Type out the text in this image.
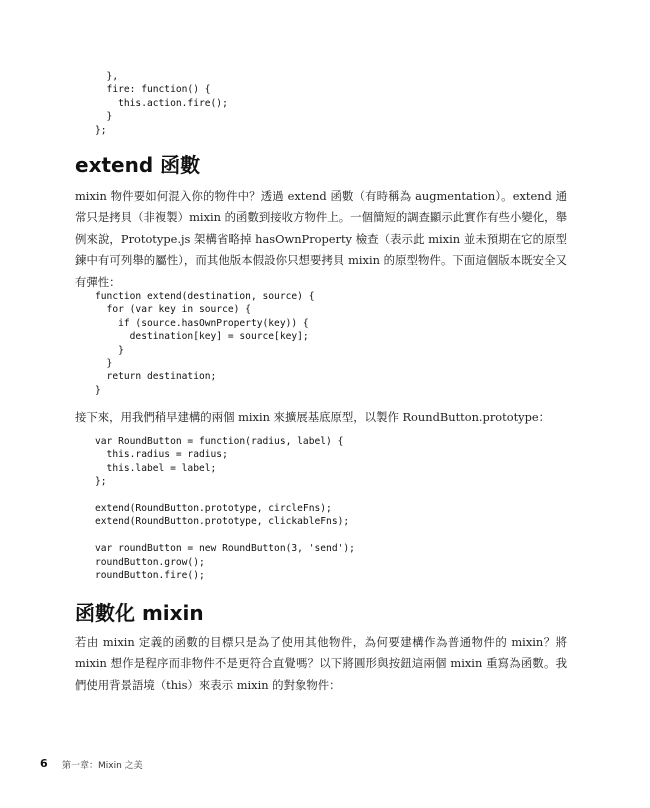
},
fire: function() {
this.action.fire();
}
};
extend 函數

mixin 物件要如何混入你的物件中？透過 extend 函數（有時稱為 augmentation）。extend 通常只是拷貝（非複製）mixin 的函數到接收方物件上。一個簡短的調查顯示此實作有些小變化，舉例來說，Prototype.js 架構省略掉 hasOwnProperty 檢查（表示此 mixin 並未預期在它的原型鍊中有可列舉的屬性），而其他版本假設你只想要拷貝 mixin 的原型物件。下面這個版本既安全又有彈性：

function extend(destination, source) {
for (var key in source) {
if (source.hasOwnProperty(key)) {
destination[key] = source[key];
}
}
return destination;
}

接下來，用我們稍早建構的兩個 mixin 來擴展基底原型，以製作 RoundButton.prototype：

var RoundButton = function(radius, label) {
this.radius = radius;
this.label = label;
};

extend(RoundButton.prototype, circleFns);
extend(RoundButton.prototype, clickableFns);

var roundButton = new RoundButton(3, 'send');
roundButton.grow();
roundButton.fire();
函數化 mixin

若由 mixin 定義的函數的目標只是為了使用其他物件，為何要建構作為普通物件的 mixin？將 mixin 想作是程序而非物件不是更符合直覺嗎？以下將圓形與按鈕這兩個 mixin 重寫為函數。我們使用背景語境（this）來表示 mixin 的對象物件：

6 第一章：Mixin 之美
